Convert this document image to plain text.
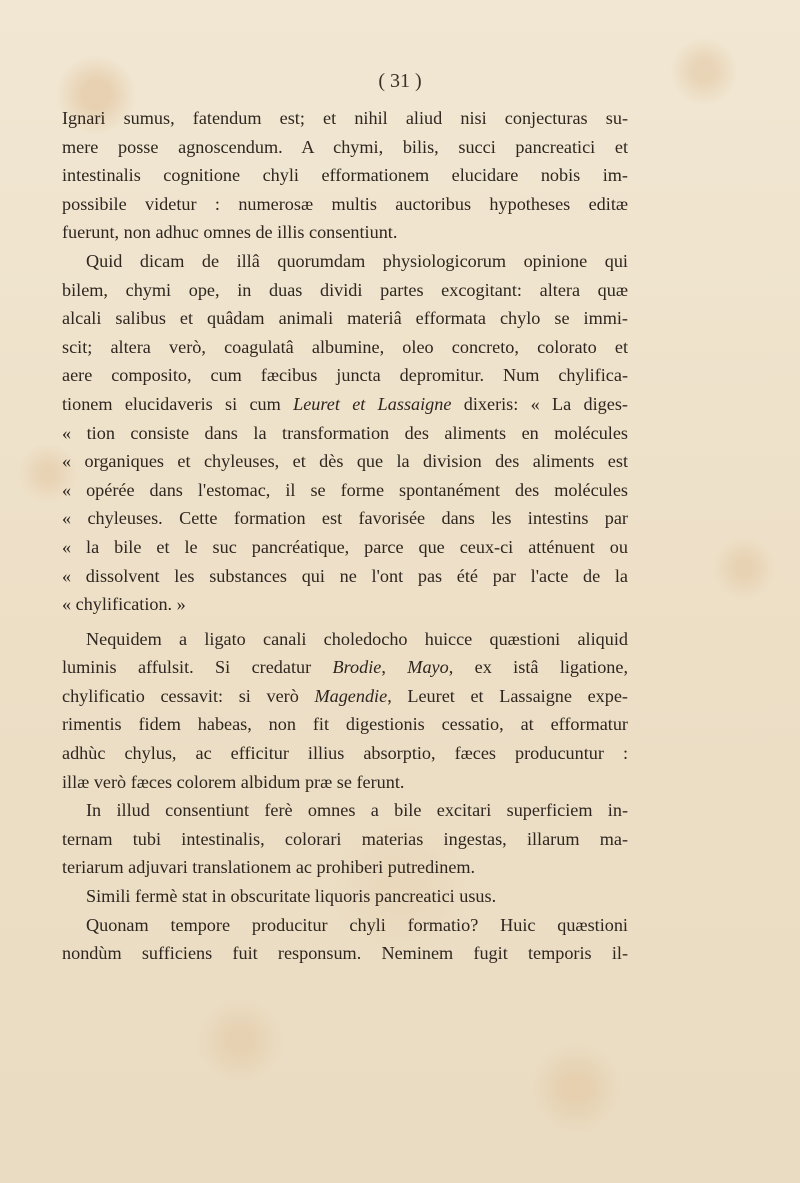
( 31 )
Ignari sumus, fatendum est; et nihil aliud nisi conjecturas su-
mere posse agnoscendum. A chymi, bilis, succi pancreatici et
intestinalis cognitione chyli efformationem elucidare nobis im-
possibile videtur : numerosæ multis auctoribus hypotheses editæ
fuerunt, non adhuc omnes de illis consentiunt.
Quid dicam de illâ quorumdam physiologicorum opinione qui
bilem, chymi ope, in duas dividi partes excogitant: altera quæ
alcali salibus et quâdam animali materiâ efformata chylo se immi-
scit; altera verò, coagulatâ albumine, oleo concreto, colorato et
aere composito, cum fæcibus juncta depromitur. Num chylifica-
tionem elucidaveris si cum Leuret et Lassaigne dixeris: « La diges-
« tion consiste dans la transformation des aliments en molécules
« organiques et chyleuses, et dès que la division des aliments est
« opérée dans l'estomac, il se forme spontanément des molécules
« chyleuses. Cette formation est favorisée dans les intestins par
« la bile et le suc pancréatique, parce que ceux-ci atténuent ou
« dissolvent les substances qui ne l'ont pas été par l'acte de la
« chylification. »
Nequidem a ligato canali choledocho huicce quæstioni aliquid
luminis affulsit. Si credatur Brodie, Mayo, ex istâ ligatione,
chylificatio cessavit: si verò Magendie, Leuret et Lassaigne expe-
rimentis fidem habeas, non fit digestionis cessatio, at efformatur
adhùc chylus, ac efficitur illius absorptio, fæces producuntur :
illæ verò fæces colorem albidum præ se ferunt.
In illud consentiunt ferè omnes a bile excitari superficiem in-
ternam tubi intestinalis, colorari materias ingestas, illarum ma-
teriarum adjuvari translationem ac prohiberi putredinem.
Simili fermè stat in obscuritate liquoris pancreatici usus.
Quonam tempore producitur chyli formatio? Huic quæstioni
nondùm sufficiens fuit responsum. Neminem fugit temporis il-
